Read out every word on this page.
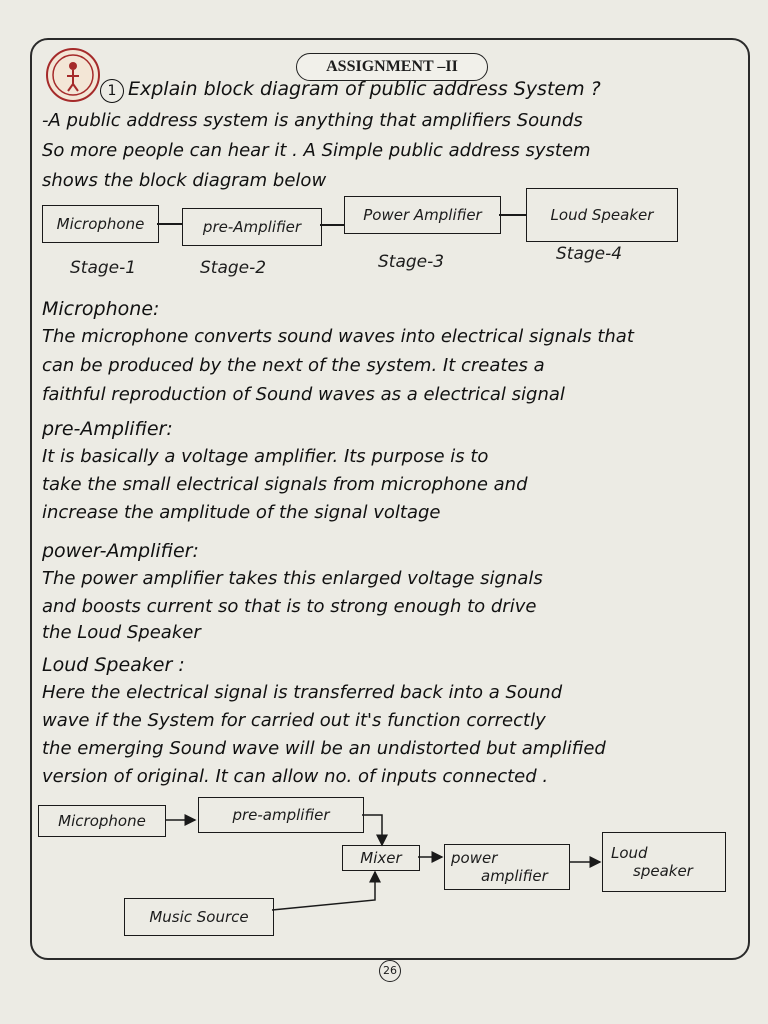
ASSIGNMENT –II
1 Explain block diagram of public address System ?
-A public address system is anything that amplifiers Sounds
So more people can hear it . A Simple public address system
shows the block diagram below
Microphone	pre-Amplifier
Power Amplifier	Loud Speaker
Stage-1	Stage-2	Stage-3	Stage-4
Microphone:
The microphone converts sound waves into electrical signals that
can be produced by the next of the system. It creates a
faithful reproduction of Sound waves as a electrical signal
pre-Amplifier:
It is basically a voltage amplifier. Its purpose is to
take the small electrical signals from microphone and
increase the amplitude of the signal voltage
power-Amplifier:
The power amplifier takes this enlarged voltage signals
and boosts current so that is to strong enough to drive
the Loud Speaker
Loud Speaker :
Here the electrical signal is transferred back into a Sound
wave if the System for carried out it's function correctly
the emerging Sound wave will be an undistorted but amplified
version of original. It can allow no. of inputs connected .
Microphone	pre-amplifier
Mixer	power
amplifier
Loud
speaker
Music Source
26
